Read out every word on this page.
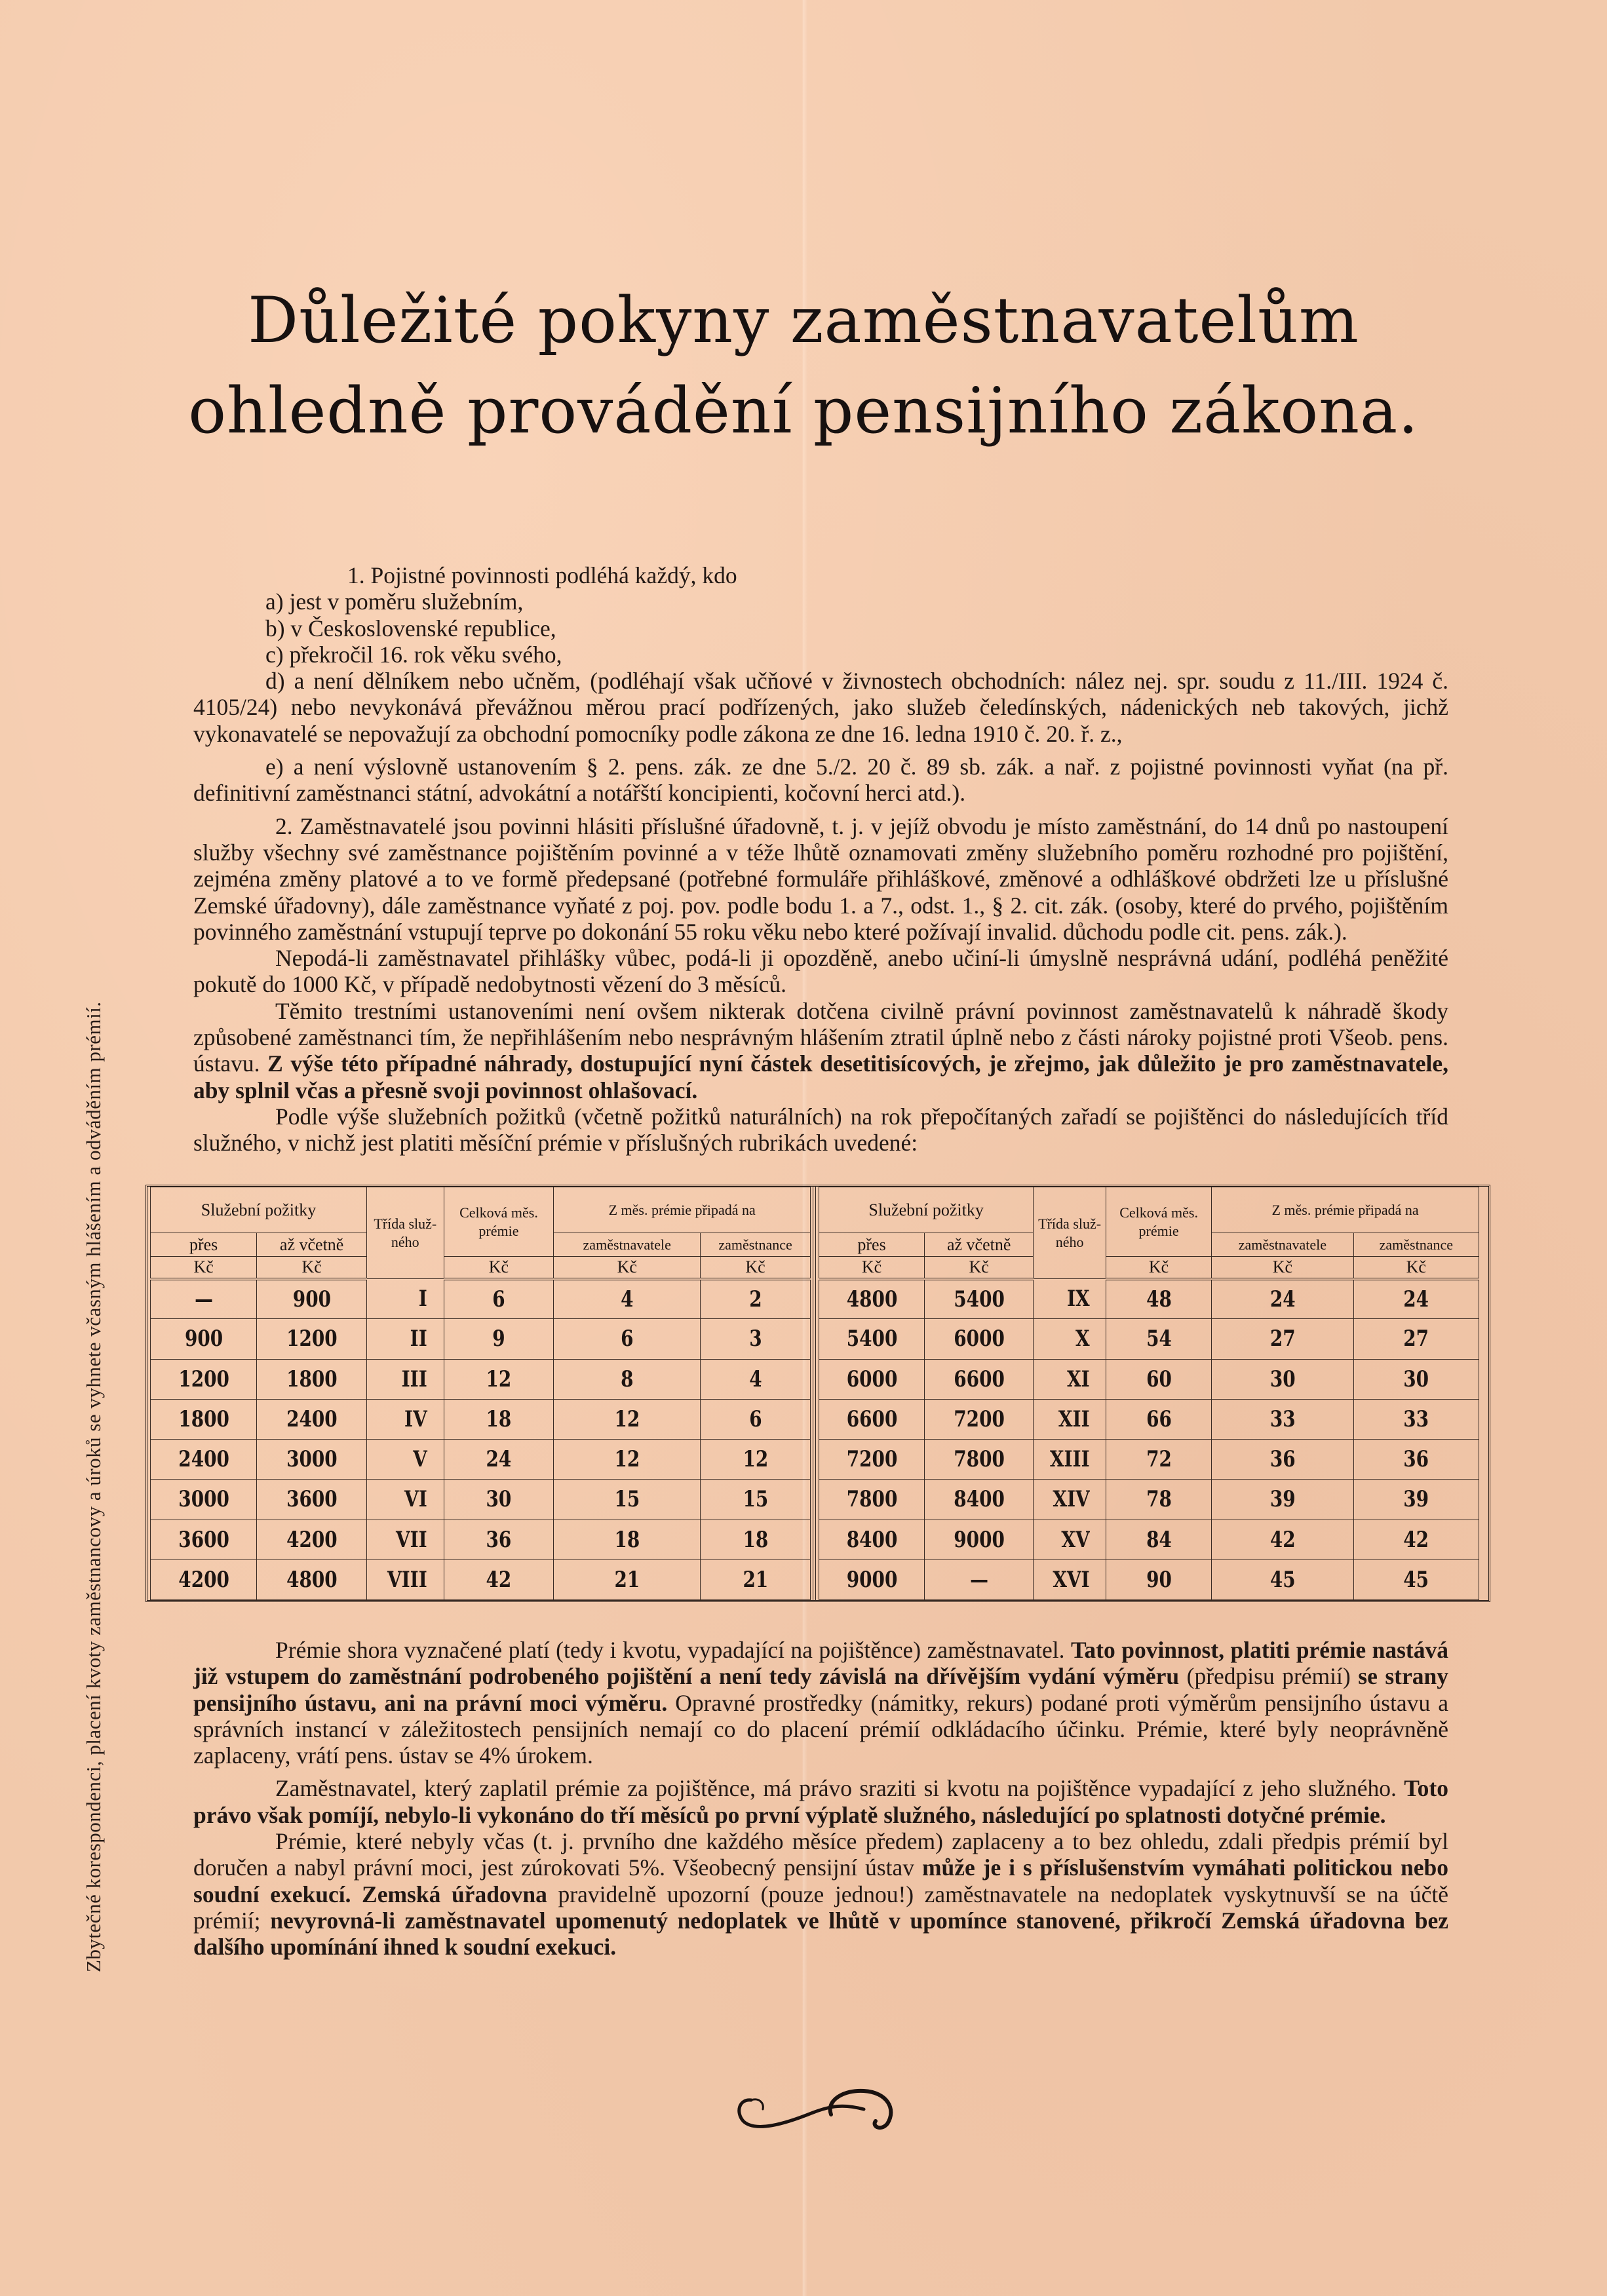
Zbytečné korespondenci, placení kvoty zaměstnancovy a úroků se vyhnete včasným hlášením a odváděním prémií.
Důležité pokyny zaměstnavatelům
ohledně provádění pensijního zákona.

1. Pojistné povinnosti podléhá každý, kdo

a) jest v poměru služebním,

b) v Československé republice,

c) překročil 16. rok věku svého,

d) a není dělníkem nebo učněm, (podléhají však učňové v živnostech obchodních: nález nej. spr. soudu z 11./III. 1924 č. 4105/24) nebo nevykonává převážnou měrou prací podřízených, jako služeb čeledínských, nádenických neb takových, jichž vykonavatelé se nepovažují za obchodní pomocníky podle zákona ze dne 16. ledna 1910 č. 20. ř. z.,

e) a není výslovně ustanovením § 2. pens. zák. ze dne 5./2. 20 č. 89 sb. zák. a nař. z pojistné povinnosti vyňat (na př. definitivní zaměstnanci státní, advokátní a notářští koncipienti, kočovní herci atd.).

2. Zaměstnavatelé jsou povinni hlásiti příslušné úřadovně, t. j. v jejíž obvodu je místo zaměstnání, do 14 dnů po nastoupení služby všechny své zaměstnance pojištěním povinné a v téže lhůtě oznamovati změny služebního poměru rozhodné pro pojištění, zejména změny platové a to ve formě předepsané (potřebné formuláře přihláškové, změnové a odhláškové obdržeti lze u příslušné Zemské úřadovny), dále zaměstnance vyňaté z poj. pov. podle bodu 1. a 7., odst. 1., § 2. cit. zák. (osoby, které do prvého, pojištěním povinného zaměstnání vstupují teprve po dokonání 55 roku věku nebo které požívají invalid. důchodu podle cit. pens. zák.).

Nepodá-li zaměstnavatel přihlášky vůbec, podá-li ji opozděně, anebo učiní-li úmyslně nesprávná udání, podléhá peněžité pokutě do 1000 Kč, v případě nedobytnosti vězení do 3 měsíců.

Těmito trestními ustanoveními není ovšem nikterak dotčena civilně právní povinnost zaměstnavatelů k náhradě škody způsobené zaměstnanci tím, že nepřihlášením nebo nesprávným hlášením ztratil úplně nebo z části nároky pojistné proti Všeob. pens. ústavu. Z výše této případné náhrady, dostupující nyní částek desetitisícových, je zřejmo, jak důležito je pro zaměstnavatele, aby splnil včas a přesně svoji povinnost ohlašovací.

Podle výše služebních požitků (včetně požitků naturálních) na rok přepočítaných zařadí se pojištěnci do následujících tříd služného, v nichž jest platiti měsíční prémie v příslušných rubrikách uvedené:

Služební požitky		Třída služ- ného	Celková měs. prémie	Z měs. prémie připadá na	
přes	až včetně			zaměstnavatele	zaměstnance
Kč	Kč		Kč	Kč	Kč
—	900	I	6	4	2
900	1200	II	9	6	3
1200	1800	III	12	8	4
1800	2400	IV	18	12	6
2400	3000	V	24	12	12
3000	3600	VI	30	15	15
3600	4200	VII	36	18	18
4200	4800	VIII	42	21	21
Služební požitky		Třída služ- ného	Celková měs. prémie	Z měs. prémie připadá na	
přes	až včetně			zaměstnavatele	zaměstnance
Kč	Kč		Kč	Kč	Kč
4800	5400	IX	48	24	24
5400	6000	X	54	27	27
6000	6600	XI	60	30	30
6600	7200	XII	66	33	33
7200	7800	XIII	72	36	36
7800	8400	XIV	78	39	39
8400	9000	XV	84	42	42
9000	—	XVI	90	45	45

Prémie shora vyznačené platí (tedy i kvotu, vypadající na pojištěnce) zaměstnavatel. Tato povinnost, platiti prémie nastává již vstupem do zaměstnání podrobeného pojištění a není tedy závislá na dřívějším vydání výměru (předpisu prémií) se strany pensijního ústavu, ani na právní moci výměru. Opravné prostředky (námitky, rekurs) podané proti výměrům pensijního ústavu a správních instancí v záležitostech pensijních nemají co do placení prémií odkládacího účinku. Prémie, které byly neoprávněně zaplaceny, vrátí pens. ústav se 4% úrokem.

Zaměstnavatel, který zaplatil prémie za pojištěnce, má právo sraziti si kvotu na pojištěnce vypadající z jeho služného. Toto právo však pomíjí, nebylo-li vykonáno do tří měsíců po první výplatě služného, následující po splatnosti dotyčné prémie.

Prémie, které nebyly včas (t. j. prvního dne každého měsíce předem) zaplaceny a to bez ohledu, zdali předpis prémií byl doručen a nabyl právní moci, jest zúrokovati 5%. Všeobecný pensijní ústav může je i s příslušenstvím vymáhati politickou nebo soudní exekucí. Zemská úřadovna pravidelně upozorní (pouze jednou!) zaměstnavatele na nedoplatek vyskytnuvší se na účtě prémií; nevyrovná-li zaměstnavatel upomenutý nedoplatek ve lhůtě v upomínce stanovené, přikročí Zemská úřadovna bez dalšího upomínání ihned k soudní exekuci.
